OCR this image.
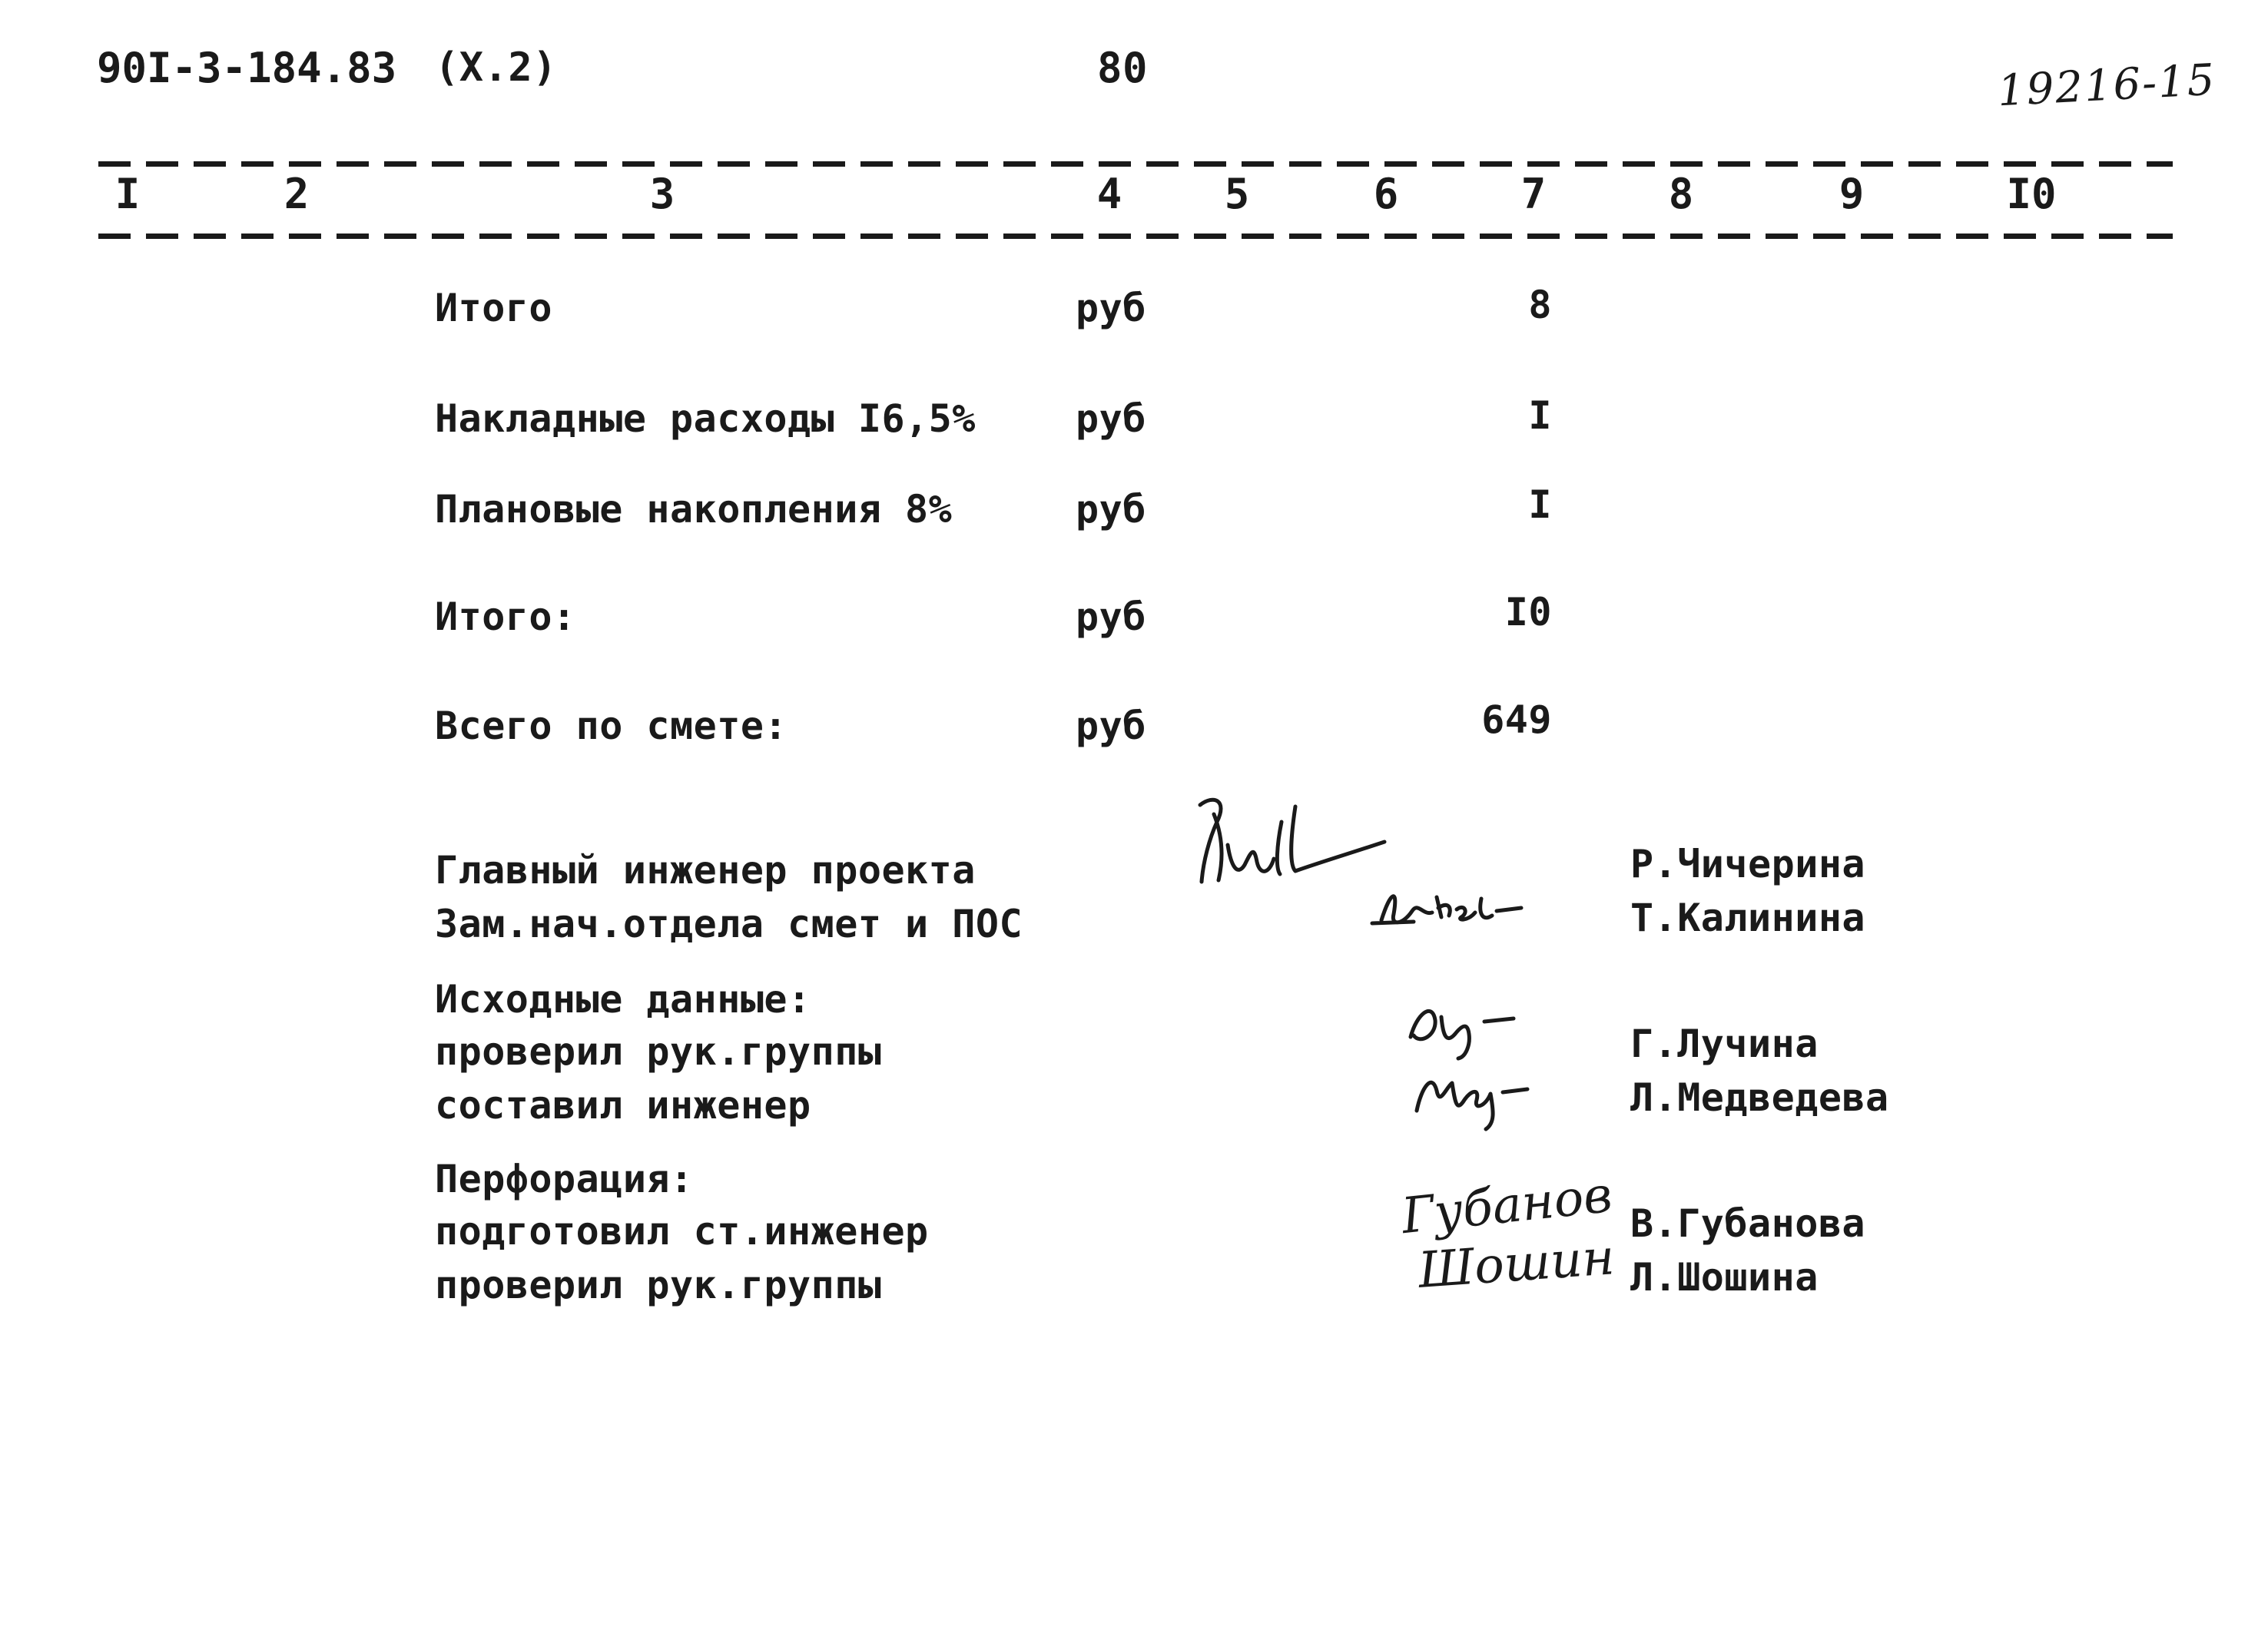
90I-3-184.83 (X.2)	80	19216-15
I	2	3	4	5	6	7	8	9	I0
Итого	руб	8
Накладные расходы I6,5%	руб	I
Плановые накопления 8%	руб	I
Итого:	руб	I0
Всего по смете:	руб	649
Главный инженер проекта	Р.Чичерина
Зам.нач.отдела смет и ПОС	Т.Калинина
Исходные данные:
проверил рук.группы	Г.Лучина
составил инженер	Л.Медведева
Перфорация:
подготовил ст.инженер	В.Губанова
проверил рук.группы	Л.Шошина
Губанов
Шошин
